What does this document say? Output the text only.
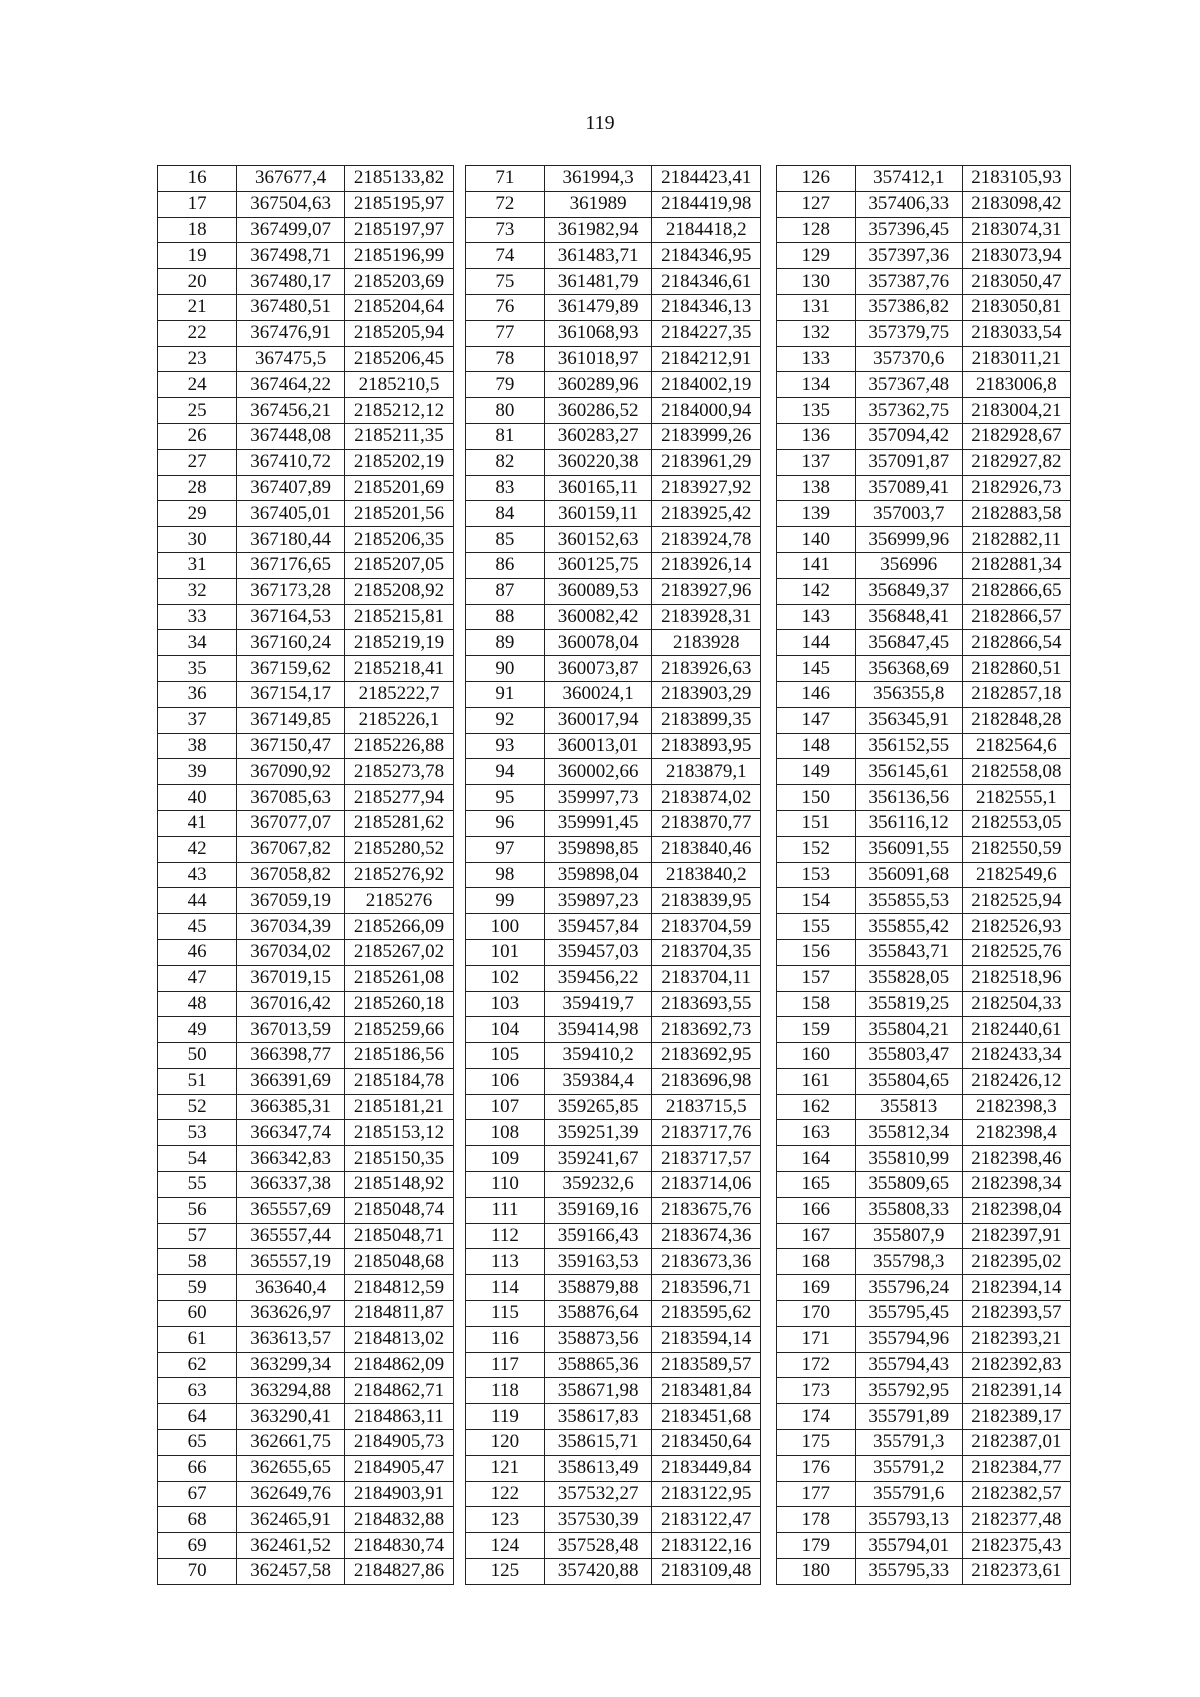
119
16	367677,4	2185133,82
17	367504,63	2185195,97
18	367499,07	2185197,97
19	367498,71	2185196,99
20	367480,17	2185203,69
21	367480,51	2185204,64
22	367476,91	2185205,94
23	367475,5	2185206,45
24	367464,22	2185210,5
25	367456,21	2185212,12
26	367448,08	2185211,35
27	367410,72	2185202,19
28	367407,89	2185201,69
29	367405,01	2185201,56
30	367180,44	2185206,35
31	367176,65	2185207,05
32	367173,28	2185208,92
33	367164,53	2185215,81
34	367160,24	2185219,19
35	367159,62	2185218,41
36	367154,17	2185222,7
37	367149,85	2185226,1
38	367150,47	2185226,88
39	367090,92	2185273,78
40	367085,63	2185277,94
41	367077,07	2185281,62
42	367067,82	2185280,52
43	367058,82	2185276,92
44	367059,19	2185276
45	367034,39	2185266,09
46	367034,02	2185267,02
47	367019,15	2185261,08
48	367016,42	2185260,18
49	367013,59	2185259,66
50	366398,77	2185186,56
51	366391,69	2185184,78
52	366385,31	2185181,21
53	366347,74	2185153,12
54	366342,83	2185150,35
55	366337,38	2185148,92
56	365557,69	2185048,74
57	365557,44	2185048,71
58	365557,19	2185048,68
59	363640,4	2184812,59
60	363626,97	2184811,87
61	363613,57	2184813,02
62	363299,34	2184862,09
63	363294,88	2184862,71
64	363290,41	2184863,11
65	362661,75	2184905,73
66	362655,65	2184905,47
67	362649,76	2184903,91
68	362465,91	2184832,88
69	362461,52	2184830,74
70	362457,58	2184827,86
71	361994,3	2184423,41
72	361989	2184419,98
73	361982,94	2184418,2
74	361483,71	2184346,95
75	361481,79	2184346,61
76	361479,89	2184346,13
77	361068,93	2184227,35
78	361018,97	2184212,91
79	360289,96	2184002,19
80	360286,52	2184000,94
81	360283,27	2183999,26
82	360220,38	2183961,29
83	360165,11	2183927,92
84	360159,11	2183925,42
85	360152,63	2183924,78
86	360125,75	2183926,14
87	360089,53	2183927,96
88	360082,42	2183928,31
89	360078,04	2183928
90	360073,87	2183926,63
91	360024,1	2183903,29
92	360017,94	2183899,35
93	360013,01	2183893,95
94	360002,66	2183879,1
95	359997,73	2183874,02
96	359991,45	2183870,77
97	359898,85	2183840,46
98	359898,04	2183840,2
99	359897,23	2183839,95
100	359457,84	2183704,59
101	359457,03	2183704,35
102	359456,22	2183704,11
103	359419,7	2183693,55
104	359414,98	2183692,73
105	359410,2	2183692,95
106	359384,4	2183696,98
107	359265,85	2183715,5
108	359251,39	2183717,76
109	359241,67	2183717,57
110	359232,6	2183714,06
111	359169,16	2183675,76
112	359166,43	2183674,36
113	359163,53	2183673,36
114	358879,88	2183596,71
115	358876,64	2183595,62
116	358873,56	2183594,14
117	358865,36	2183589,57
118	358671,98	2183481,84
119	358617,83	2183451,68
120	358615,71	2183450,64
121	358613,49	2183449,84
122	357532,27	2183122,95
123	357530,39	2183122,47
124	357528,48	2183122,16
125	357420,88	2183109,48
126	357412,1	2183105,93
127	357406,33	2183098,42
128	357396,45	2183074,31
129	357397,36	2183073,94
130	357387,76	2183050,47
131	357386,82	2183050,81
132	357379,75	2183033,54
133	357370,6	2183011,21
134	357367,48	2183006,8
135	357362,75	2183004,21
136	357094,42	2182928,67
137	357091,87	2182927,82
138	357089,41	2182926,73
139	357003,7	2182883,58
140	356999,96	2182882,11
141	356996	2182881,34
142	356849,37	2182866,65
143	356848,41	2182866,57
144	356847,45	2182866,54
145	356368,69	2182860,51
146	356355,8	2182857,18
147	356345,91	2182848,28
148	356152,55	2182564,6
149	356145,61	2182558,08
150	356136,56	2182555,1
151	356116,12	2182553,05
152	356091,55	2182550,59
153	356091,68	2182549,6
154	355855,53	2182525,94
155	355855,42	2182526,93
156	355843,71	2182525,76
157	355828,05	2182518,96
158	355819,25	2182504,33
159	355804,21	2182440,61
160	355803,47	2182433,34
161	355804,65	2182426,12
162	355813	2182398,3
163	355812,34	2182398,4
164	355810,99	2182398,46
165	355809,65	2182398,34
166	355808,33	2182398,04
167	355807,9	2182397,91
168	355798,3	2182395,02
169	355796,24	2182394,14
170	355795,45	2182393,57
171	355794,96	2182393,21
172	355794,43	2182392,83
173	355792,95	2182391,14
174	355791,89	2182389,17
175	355791,3	2182387,01
176	355791,2	2182384,77
177	355791,6	2182382,57
178	355793,13	2182377,48
179	355794,01	2182375,43
180	355795,33	2182373,61
